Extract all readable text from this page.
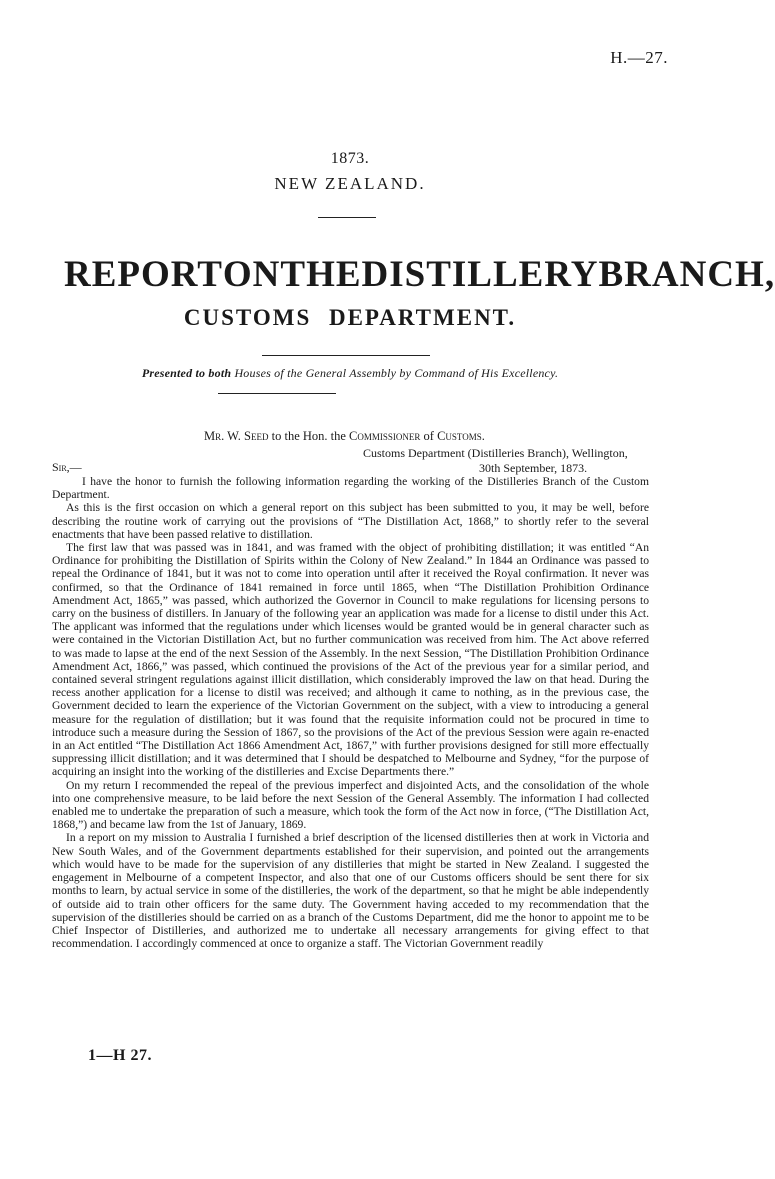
H.—27.
1873.
NEW ZEALAND.
REPORT ON THE DISTILLERY BRANCH,
CUSTOMS DEPARTMENT.
Presented to both Houses of the General Assembly by Command of His Excellency.
Mr. W. Seed to the Hon. the Commissioner of Customs.
Customs Department (Distilleries Branch), Wellington,
Sir,—	30th September, 1873.

I have the honor to furnish the following information regarding the working of the Distilleries Branch of the Custom Department.

As this is the first occasion on which a general report on this subject has been submitted to you, it may be well, before describing the routine work of carrying out the provisions of “The Distillation Act, 1868,” to shortly refer to the several enactments that have been passed relative to distillation.

The first law that was passed was in 1841, and was framed with the object of prohibiting distillation; it was entitled “An Ordinance for prohibiting the Distillation of Spirits within the Colony of New Zealand.” In 1844 an Ordinance was passed to repeal the Ordinance of 1841, but it was not to come into operation until after it received the Royal confirmation. It never was confirmed, so that the Ordinance of 1841 remained in force until 1865, when “The Distillation Prohibition Ordinance Amendment Act, 1865,” was passed, which authorized the Governor in Council to make regulations for licensing persons to carry on the business of distillers. In January of the following year an application was made for a license to distil under this Act. The applicant was informed that the regulations under which licenses would be granted would be in general character such as were contained in the Victorian Distillation Act, but no further communication was received from him. The Act above referred to was made to lapse at the end of the next Session of the Assembly. In the next Session, “The Distillation Prohibition Ordinance Amendment Act, 1866,” was passed, which continued the provisions of the Act of the previous year for a similar period, and contained several stringent regulations against illicit distillation, which considerably improved the law on that head. During the recess another application for a license to distil was received; and although it came to nothing, as in the previous case, the Government decided to learn the experience of the Victorian Government on the subject, with a view to introducing a general measure for the regulation of distillation; but it was found that the requisite information could not be procured in time to introduce such a measure during the Session of 1867, so the provisions of the Act of the previous Session were again re-enacted in an Act entitled “The Distillation Act 1866 Amendment Act, 1867,” with further provisions designed for still more effectually suppressing illicit distillation; and it was determined that I should be despatched to Melbourne and Sydney, “for the purpose of acquiring an insight into the working of the distilleries and Excise Departments there.”

On my return I recommended the repeal of the previous imperfect and disjointed Acts, and the consolidation of the whole into one comprehensive measure, to be laid before the next Session of the General Assembly. The information I had collected enabled me to undertake the preparation of such a measure, which took the form of the Act now in force, (“The Distillation Act, 1868,”) and became law from the 1st of January, 1869.

In a report on my mission to Australia I furnished a brief description of the licensed distilleries then at work in Victoria and New South Wales, and of the Government departments established for their supervision, and pointed out the arrangements which would have to be made for the supervision of any distilleries that might be started in New Zealand. I suggested the engagement in Melbourne of a competent Inspector, and also that one of our Customs officers should be sent there for six months to learn, by actual service in some of the distilleries, the work of the department, so that he might be able independently of outside aid to train other officers for the same duty. The Government having acceded to my recommendation that the supervision of the distilleries should be carried on as a branch of the Customs Department, did me the honor to appoint me to be Chief Inspector of Distilleries, and authorized me to undertake all necessary arrangements for giving effect to that recommendation. I accordingly commenced at once to organize a staff. The Victorian Government readily

1—H 27.
